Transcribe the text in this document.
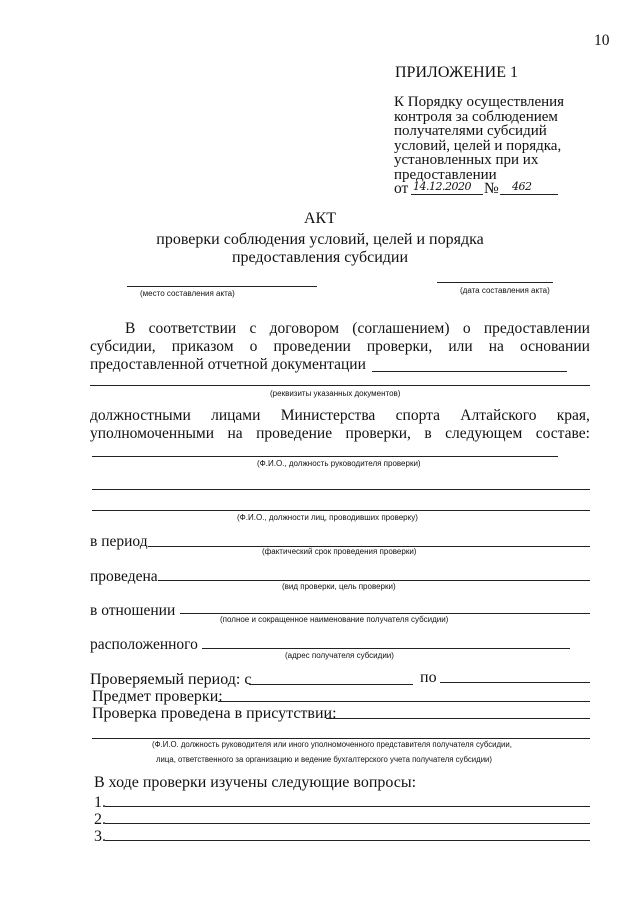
10
ПРИЛОЖЕНИЕ 1
К Порядку осуществления
контроля за соблюдением
получателями субсидий
условий, целей и порядка,
установленных при их
предоставлении
от 14.12.2020 № 462
АКТ
проверки соблюдения условий, целей и порядка
предоставления субсидии
(место составления акта)	(дата составления акта)
В соответствии с договором (соглашением) о предоставлении
субсидии, приказом о проведении проверки, или на основании
предоставленной отчетной документации
(реквизиты указанных документов)
должностными лицами Министерства спорта Алтайского края,
уполномоченными на проведение проверки, в следующем составе:
(Ф.И.О., должность руководителя проверки)
(Ф.И.О., должности лиц, проводивших проверку)
в период
(фактический срок проведения проверки)
проведена
(вид проверки, цель проверки)
в отношении
(полное и сокращенное наименование получателя субсидии)
расположенного
(адрес получателя субсидии)
Проверяемый период: с	по
Предмет проверки:
Проверка проведена в присутствии:
(Ф.И.О. должность руководителя или иного уполномоченного представителя получателя субсидии,
лица, ответственного за организацию и ведение бухгалтерского учета получателя субсидии)
В ходе проверки изучены следующие вопросы:
1.
2.
3.
